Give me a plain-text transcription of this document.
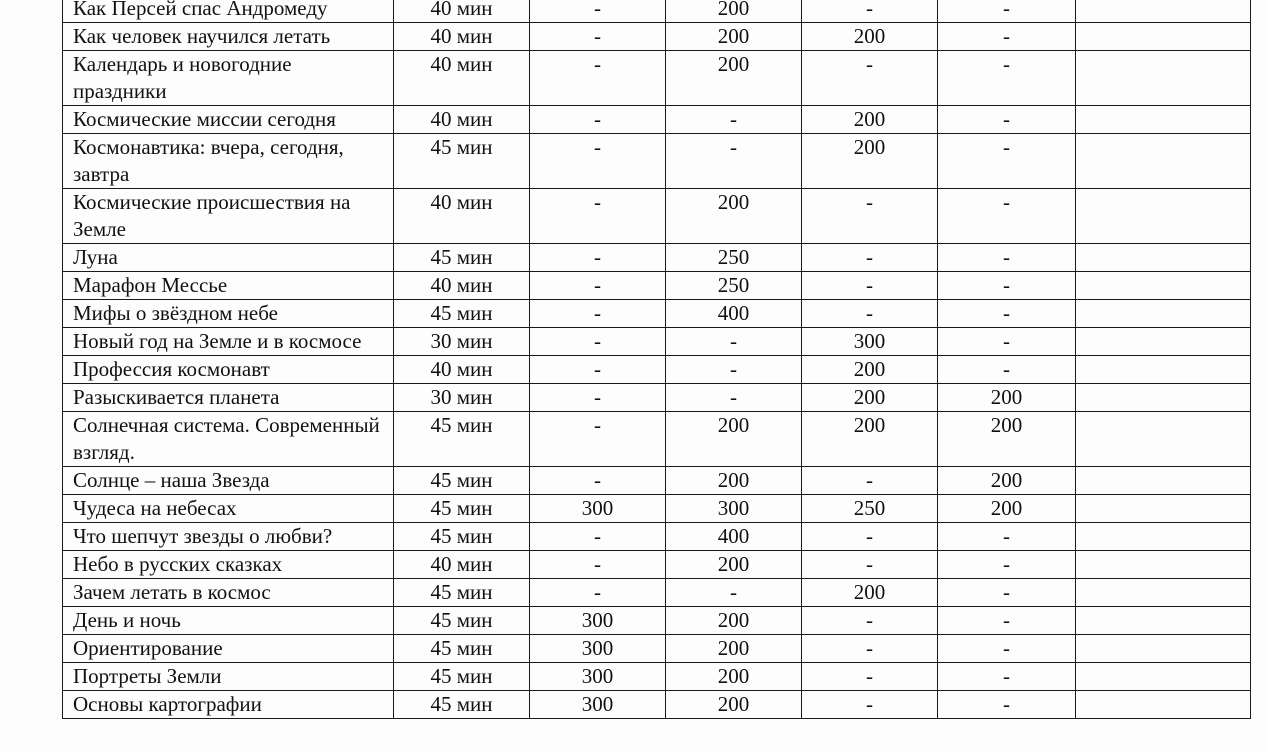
Как Персей спас Андромеду	40 мин	-	200	-	-	
Как человек научился летать	40 мин	-	200	200	-	
Календарь и новогодние праздники	40 мин	-	200	-	-	
Космические миссии сегодня	40 мин	-	-	200	-	
Космонавтика: вчера, сегодня, завтра	45 мин	-	-	200	-	
Космические происшествия на Земле	40 мин	-	200	-	-	
Луна	45 мин	-	250	-	-	
Марафон Мессье	40 мин	-	250	-	-	
Мифы о звёздном небе	45 мин	-	400	-	-	
Новый год на Земле и в космосе	30 мин	-	-	300	-	
Профессия космонавт	40 мин	-	-	200	-	
Разыскивается планета	30 мин	-	-	200	200	
Солнечная система. Современный взгляд.	45 мин	-	200	200	200	
Солнце – наша Звезда	45 мин	-	200	-	200	
Чудеса на небесах	45 мин	300	300	250	200	
Что шепчут звезды о любви?	45 мин	-	400	-	-	
Небо в русских сказках	40 мин	-	200	-	-	
Зачем летать в космос	45 мин	-	-	200	-	
День и ночь	45 мин	300	200	-	-	
Ориентирование	45 мин	300	200	-	-	
Портреты Земли	45 мин	300	200	-	-	
Основы картографии	45 мин	300	200	-	-	
